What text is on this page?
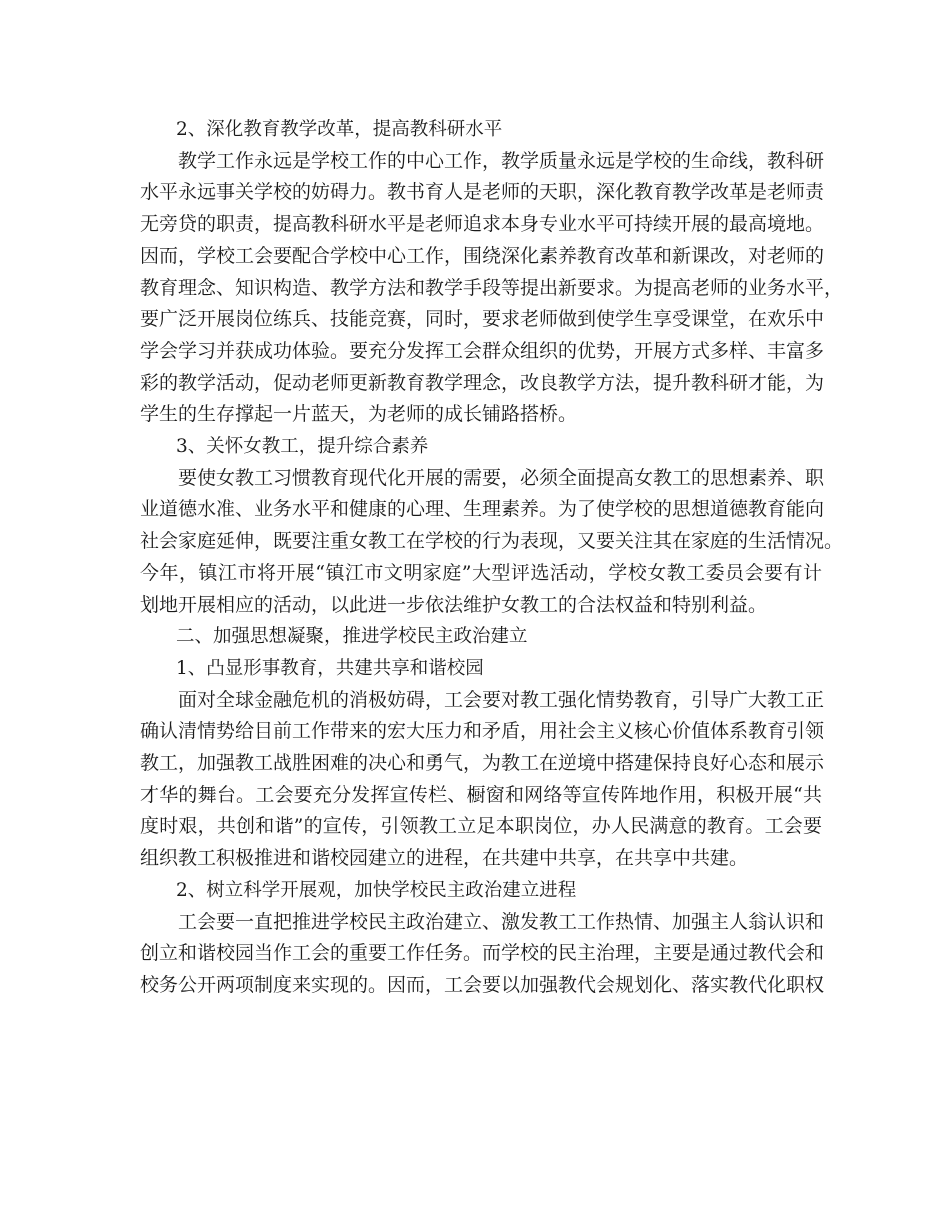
2、深化教育教学改革，提高教科研水平

教学工作永远是学校工作的中心工作，教学质量永远是学校的生命线，教科研
水平永远事关学校的妨碍力。教书育人是老师的天职，深化教育教学改革是老师责
无旁贷的职责，提高教科研水平是老师追求本身专业水平可持续开展的最高境地。
因而，学校工会要配合学校中心工作，围绕深化素养教育改革和新课改，对老师的
教育理念、知识构造、教学方法和教学手段等提出新要求。为提高老师的业务水平，
要广泛开展岗位练兵、技能竞赛，同时，要求老师做到使学生享受课堂，在欢乐中
学会学习并获成功体验。要充分发挥工会群众组织的优势，开展方式多样、丰富多
彩的教学活动，促动老师更新教育教学理念，改良教学方法，提升教科研才能，为
学生的生存撑起一片蓝天，为老师的成长铺路搭桥。

3、关怀女教工，提升综合素养

要使女教工习惯教育现代化开展的需要，必须全面提高女教工的思想素养、职
业道德水准、业务水平和健康的心理、生理素养。为了使学校的思想道德教育能向
社会家庭延伸，既要注重女教工在学校的行为表现，又要关注其在家庭的生活情况。
今年，镇江市将开展“镇江市文明家庭”大型评选活动，学校女教工委员会要有计
划地开展相应的活动，以此进一步依法维护女教工的合法权益和特别利益。

二、加强思想凝聚，推进学校民主政治建立

1、凸显形事教育，共建共享和谐校园

面对全球金融危机的消极妨碍，工会要对教工强化情势教育，引导广大教工正
确认清情势给目前工作带来的宏大压力和矛盾，用社会主义核心价值体系教育引领
教工，加强教工战胜困难的决心和勇气，为教工在逆境中搭建保持良好心态和展示
才华的舞台。工会要充分发挥宣传栏、橱窗和网络等宣传阵地作用，积极开展“共
度时艰，共创和谐”的宣传，引领教工立足本职岗位，办人民满意的教育。工会要
组织教工积极推进和谐校园建立的进程，在共建中共享，在共享中共建。

2、树立科学开展观，加快学校民主政治建立进程

工会要一直把推进学校民主政治建立、激发教工工作热情、加强主人翁认识和
创立和谐校园当作工会的重要工作任务。而学校的民主治理，主要是通过教代会和
校务公开两项制度来实现的。因而，工会要以加强教代会规划化、落实教代化职权
